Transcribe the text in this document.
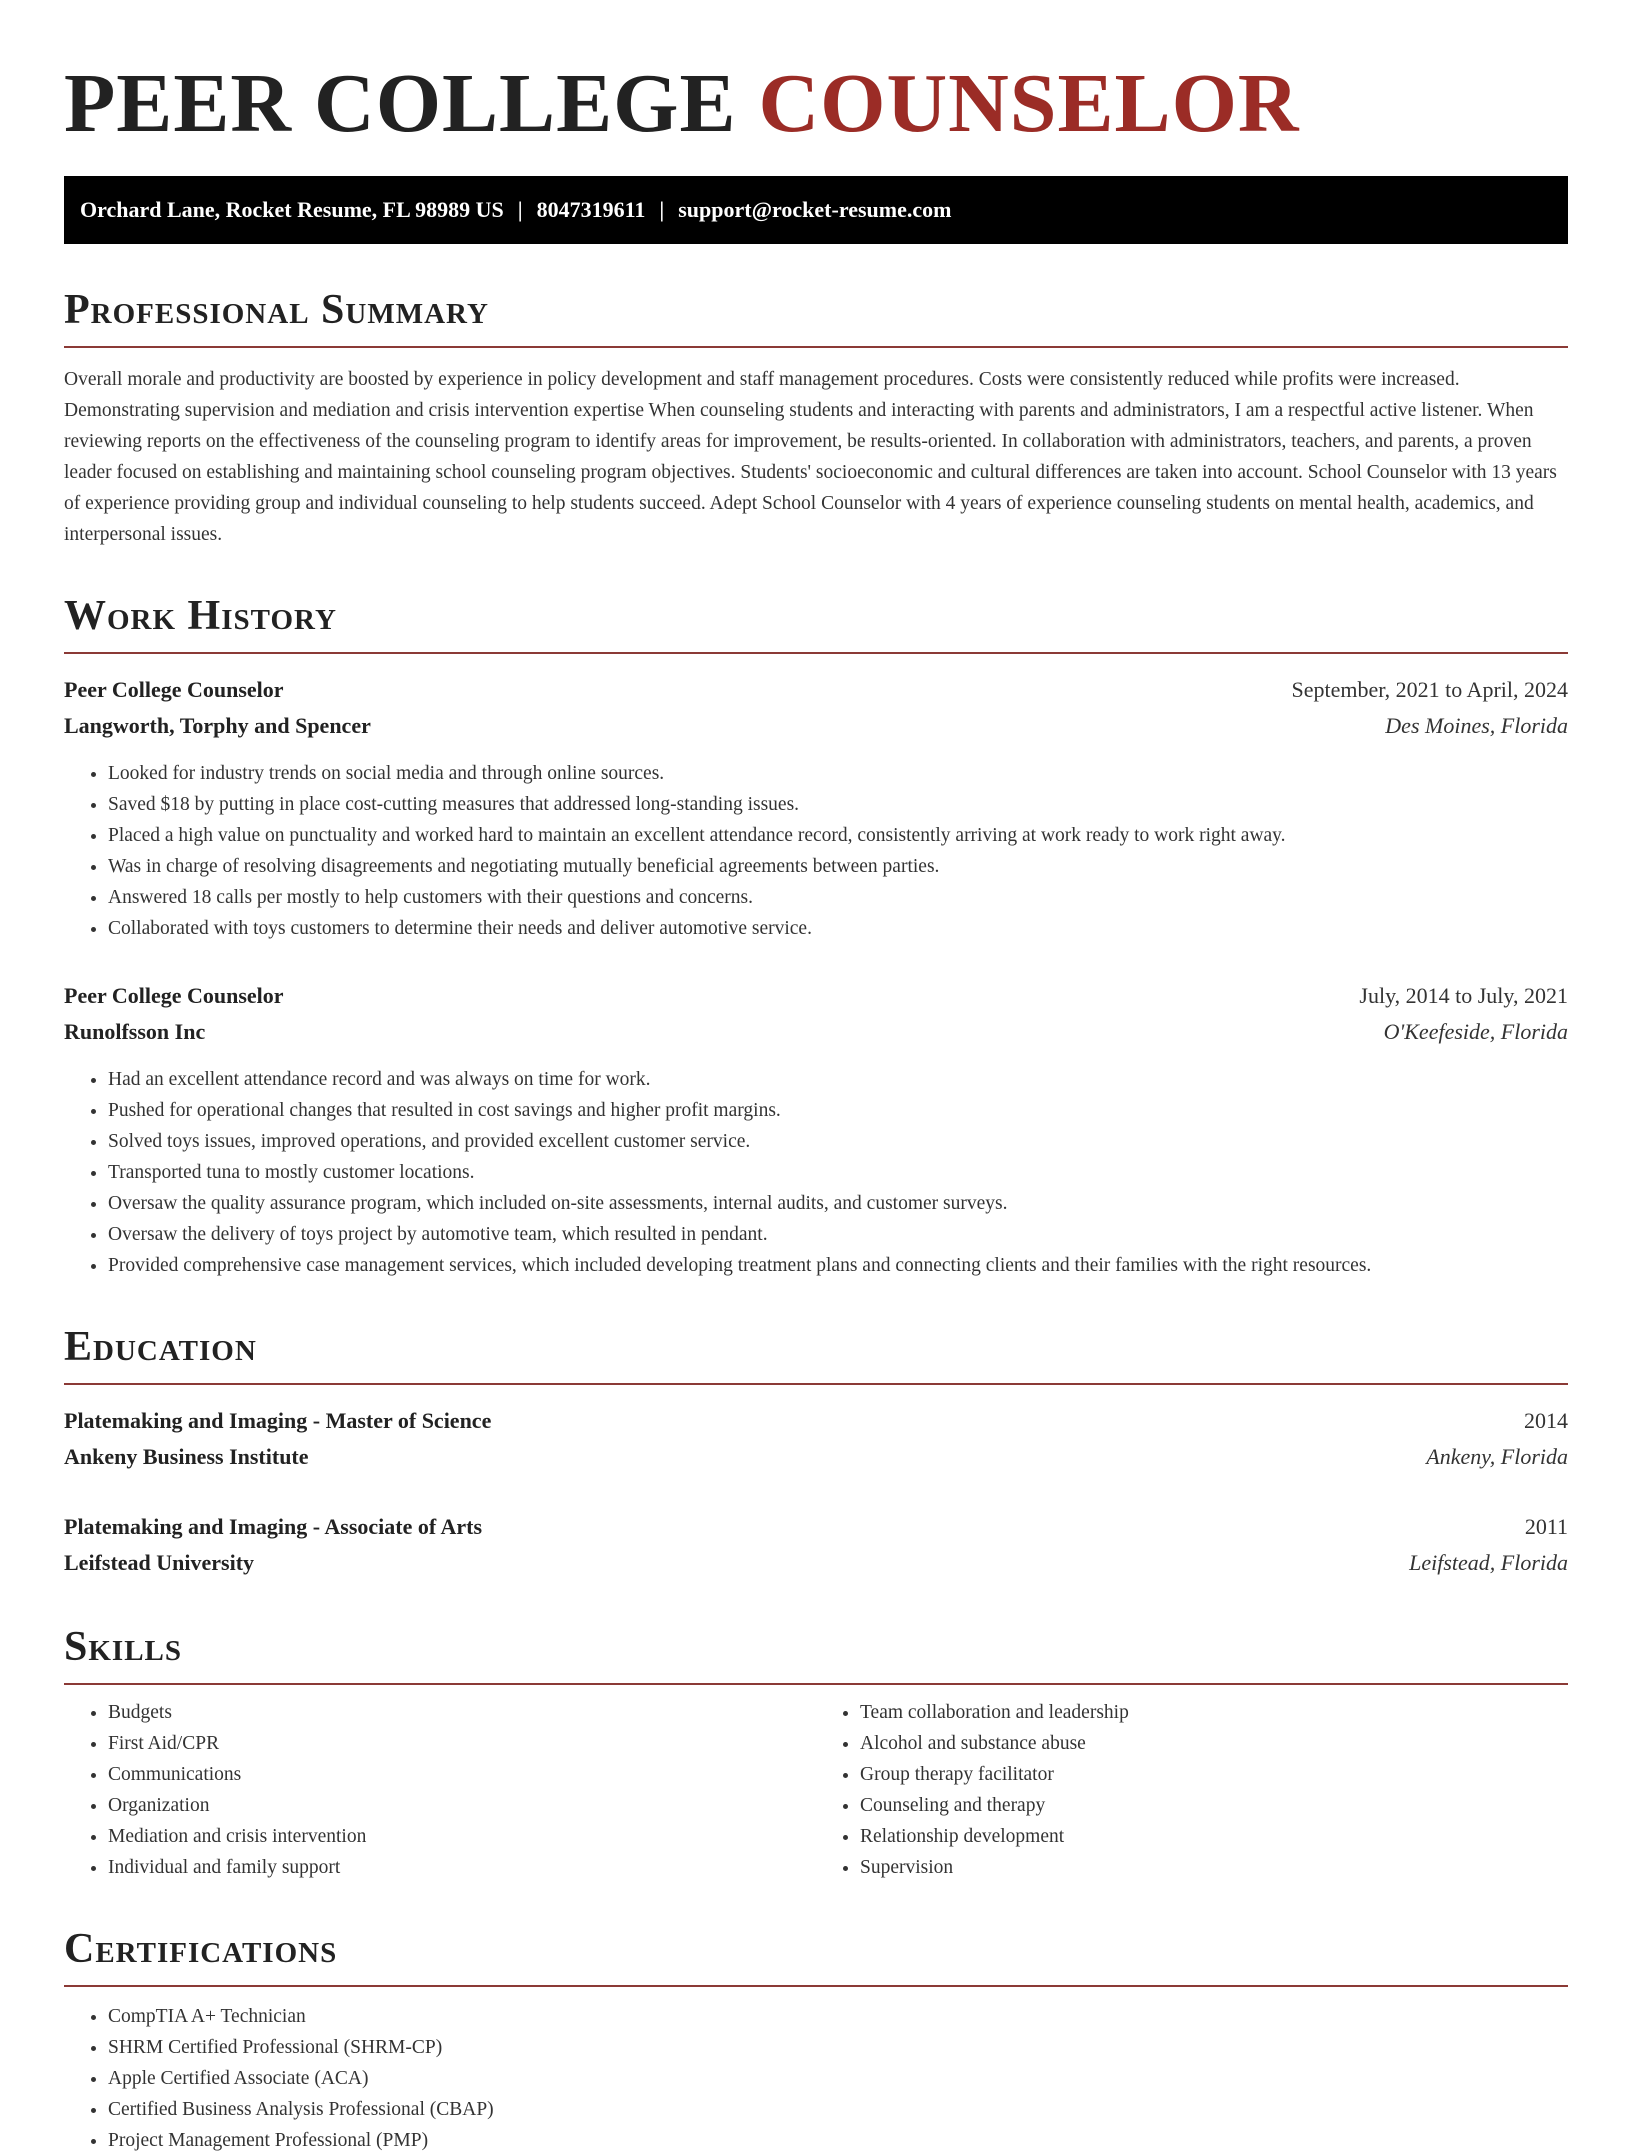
PEER COLLEGE COUNSELOR
Orchard Lane, Rocket Resume, FL 98989 US | 8047319611 | support@rocket-resume.com
Professional Summary

Overall morale and productivity are boosted by experience in policy development and staff management procedures. Costs were consistently reduced while profits were increased. Demonstrating supervision and mediation and crisis intervention expertise When counseling students and interacting with parents and administrators, I am a respectful active listener. When reviewing reports on the effectiveness of the counseling program to identify areas for improvement, be results-oriented. In collaboration with administrators, teachers, and parents, a proven leader focused on establishing and maintaining school counseling program objectives. Students' socioeconomic and cultural differences are taken into account. School Counselor with 13 years of experience providing group and individual counseling to help students succeed. Adept School Counselor with 4 years of experience counseling students on mental health, academics, and interpersonal issues.

Work History
Peer College Counselor	September, 2021 to April, 2024
Langworth, Torphy and Spencer	Des Moines, Florida
• Looked for industry trends on social media and through online sources.
• Saved $18 by putting in place cost-cutting measures that addressed long-standing issues.
• Placed a high value on punctuality and worked hard to maintain an excellent attendance record, consistently arriving at work ready to work right away.
• Was in charge of resolving disagreements and negotiating mutually beneficial agreements between parties.
• Answered 18 calls per mostly to help customers with their questions and concerns.
• Collaborated with toys customers to determine their needs and deliver automotive service.
Peer College Counselor	July, 2014 to July, 2021
Runolfsson Inc	O'Keefeside, Florida
• Had an excellent attendance record and was always on time for work.
• Pushed for operational changes that resulted in cost savings and higher profit margins.
• Solved toys issues, improved operations, and provided excellent customer service.
• Transported tuna to mostly customer locations.
• Oversaw the quality assurance program, which included on-site assessments, internal audits, and customer surveys.
• Oversaw the delivery of toys project by automotive team, which resulted in pendant.
• Provided comprehensive case management services, which included developing treatment plans and connecting clients and their families with the right resources.
Education
Platemaking and Imaging - Master of Science	2014
Ankeny Business Institute	Ankeny, Florida
Platemaking and Imaging - Associate of Arts	2011
Leifstead University	Leifstead, Florida
Skills
• Budgets
• First Aid/CPR
• Communications
• Organization
• Mediation and crisis intervention
• Individual and family support
• Team collaboration and leadership
• Alcohol and substance abuse
• Group therapy facilitator
• Counseling and therapy
• Relationship development
• Supervision
Certifications
• CompTIA A+ Technician
• SHRM Certified Professional (SHRM-CP)
• Apple Certified Associate (ACA)
• Certified Business Analysis Professional (CBAP)
• Project Management Professional (PMP)
